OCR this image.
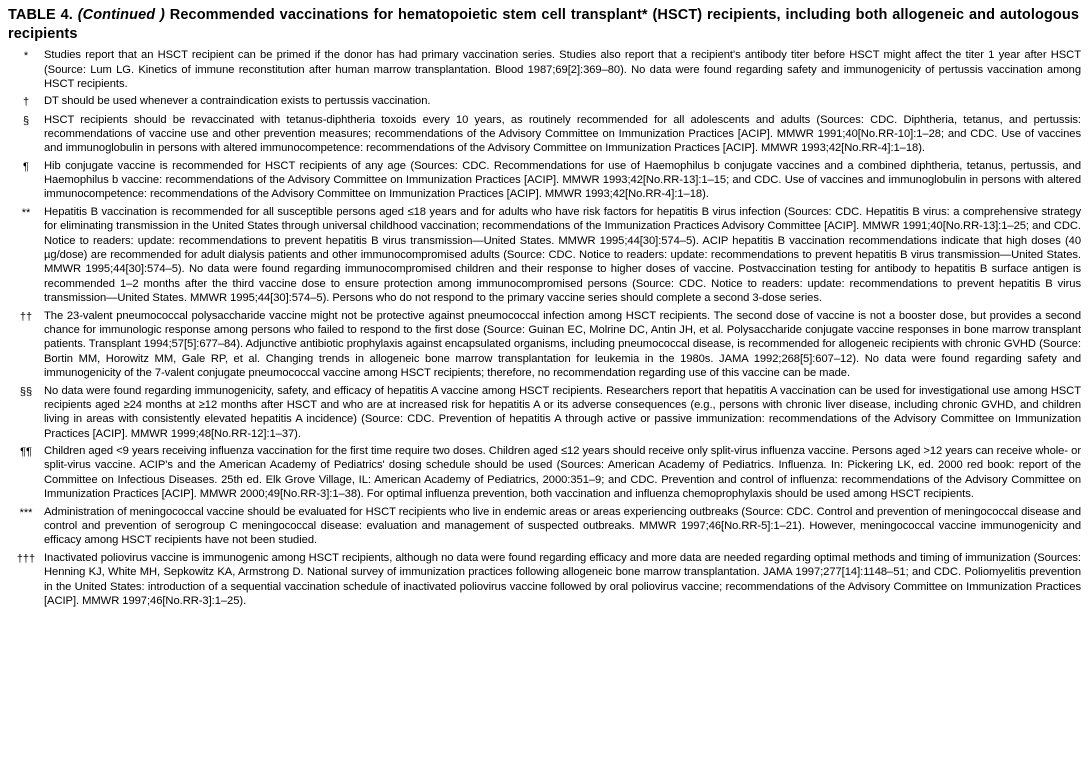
TABLE 4. (Continued ) Recommended vaccinations for hematopoietic stem cell transplant* (HSCT) recipients, including both allogeneic and autologous recipients
*	Studies report that an HSCT recipient can be primed if the donor has had primary vaccination series. Studies also report that a recipient's antibody titer before HSCT might affect the titer 1 year after HSCT (Source: Lum LG. Kinetics of immune reconstitution after human marrow transplantation. Blood 1987;69[2]:369–80). No data were found regarding safety and immunogenicity of pertussis vaccination among HSCT recipients.
†	DT should be used whenever a contraindication exists to pertussis vaccination.
§	HSCT recipients should be revaccinated with tetanus-diphtheria toxoids every 10 years, as routinely recommended for all adolescents and adults (Sources: CDC. Diphtheria, tetanus, and pertussis: recommendations of vaccine use and other prevention measures; recommendations of the Advisory Committee on Immunization Practices [ACIP]. MMWR 1991;40[No.RR-10]:1–28; and CDC. Use of vaccines and immunoglobulin in persons with altered immunocompetence: recommendations of the Advisory Committee on Immunization Practices [ACIP]. MMWR 1993;42[No.RR-4]:1–18).
¶	Hib conjugate vaccine is recommended for HSCT recipients of any age (Sources: CDC. Recommendations for use of Haemophilus b conjugate vaccines and a combined diphtheria, tetanus, pertussis, and Haemophilus b vaccine: recommendations of the Advisory Committee on Immunization Practices [ACIP]. MMWR 1993;42[No.RR-13]:1–15; and CDC. Use of vaccines and immunoglobulin in persons with altered immunocompetence: recommendations of the Advisory Committee on Immunization Practices [ACIP]. MMWR 1993;42[No.RR-4]:1–18).
**	Hepatitis B vaccination is recommended for all susceptible persons aged ≤18 years and for adults who have risk factors for hepatitis B virus infection (Sources: CDC. Hepatitis B virus: a comprehensive strategy for eliminating transmission in the United States through universal childhood vaccination; recommendations of the Immunization Practices Advisory Committee [ACIP]. MMWR 1991;40[No.RR-13]:1–25; and CDC. Notice to readers: update: recommendations to prevent hepatitis B virus transmission—United States. MMWR 1995;44[30]:574–5). ACIP hepatitis B vaccination recommendations indicate that high doses (40 µg/dose) are recommended for adult dialysis patients and other immunocompromised adults (Source: CDC. Notice to readers: update: recommendations to prevent hepatitis B virus transmission—United States. MMWR 1995;44[30]:574–5). No data were found regarding immunocompromised children and their response to higher doses of vaccine. Postvaccination testing for antibody to hepatitis B surface antigen is recommended 1–2 months after the third vaccine dose to ensure protection among immunocompromised persons (Source: CDC. Notice to readers: update: recommendations to prevent hepatitis B virus transmission—United States. MMWR 1995;44[30]:574–5). Persons who do not respond to the primary vaccine series should complete a second 3-dose series.
††	The 23-valent pneumococcal polysaccharide vaccine might not be protective against pneumococcal infection among HSCT recipients. The second dose of vaccine is not a booster dose, but provides a second chance for immunologic response among persons who failed to respond to the first dose (Source: Guinan EC, Molrine DC, Antin JH, et al. Polysaccharide conjugate vaccine responses in bone marrow transplant patients. Transplant 1994;57[5]:677–84). Adjunctive antibiotic prophylaxis against encapsulated organisms, including pneumococcal disease, is recommended for allogeneic recipients with chronic GVHD (Source: Bortin MM, Horowitz MM, Gale RP, et al. Changing trends in allogeneic bone marrow transplantation for leukemia in the 1980s. JAMA 1992;268[5]:607–12). No data were found regarding safety and immunogenicity of the 7-valent conjugate pneumococcal vaccine among HSCT recipients; therefore, no recommendation regarding use of this vaccine can be made.
§§	No data were found regarding immunogenicity, safety, and efficacy of hepatitis A vaccine among HSCT recipients. Researchers report that hepatitis A vaccination can be used for investigational use among HSCT recipients aged ≥24 months at ≥12 months after HSCT and who are at increased risk for hepatitis A or its adverse consequences (e.g., persons with chronic liver disease, including chronic GVHD, and children living in areas with consistently elevated hepatitis A incidence) (Source: CDC. Prevention of hepatitis A through active or passive immunization: recommendations of the Advisory Committee on Immunization Practices [ACIP]. MMWR 1999;48[No.RR-12]:1–37).
¶¶	Children aged <9 years receiving influenza vaccination for the first time require two doses. Children aged ≤12 years should receive only split-virus influenza vaccine. Persons aged >12 years can receive whole- or split-virus vaccine. ACIP's and the American Academy of Pediatrics' dosing schedule should be used (Sources: American Academy of Pediatrics. Influenza. In: Pickering LK, ed. 2000 red book: report of the Committee on Infectious Diseases. 25th ed. Elk Grove Village, IL: American Academy of Pediatrics, 2000:351–9; and CDC. Prevention and control of influenza: recommendations of the Advisory Committee on Immunization Practices [ACIP]. MMWR 2000;49[No.RR-3]:1–38). For optimal influenza prevention, both vaccination and influenza chemoprophylaxis should be used among HSCT recipients.
***	Administration of meningococcal vaccine should be evaluated for HSCT recipients who live in endemic areas or areas experiencing outbreaks (Source: CDC. Control and prevention of meningococcal disease and control and prevention of serogroup C meningococcal disease: evaluation and management of suspected outbreaks. MMWR 1997;46[No.RR-5]:1–21). However, meningococcal vaccine immunogenicity and efficacy among HSCT recipients have not been studied.
††† Inactivated poliovirus vaccine is immunogenic among HSCT recipients, although no data were found regarding efficacy and more data are needed regarding optimal methods and timing of immunization (Sources: Henning KJ, White MH, Sepkowitz KA, Armstrong D. National survey of immunization practices following allogeneic bone marrow transplantation. JAMA 1997;277[14]:1148–51; and CDC. Poliomyelitis prevention in the United States: introduction of a sequential vaccination schedule of inactivated poliovirus vaccine followed by oral poliovirus vaccine; recommendations of the Advisory Committee on Immunization Practices [ACIP]. MMWR 1997;46[No.RR-3]:1–25).
